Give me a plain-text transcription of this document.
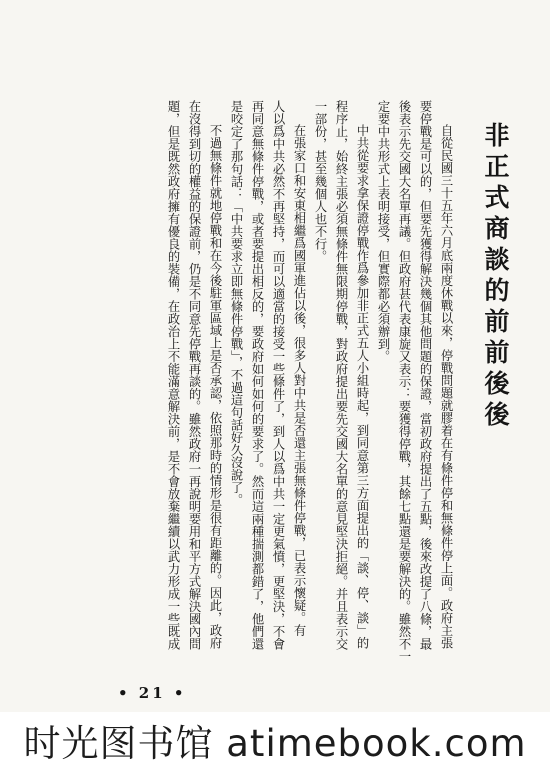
非正式商談的前前後後
自從民國三十五年六月底兩度休戰以來，停戰問題就膠着在有條件停和無條件停上面。政府主張
要停戰是可以的，但要先獲得解決幾個其他問題的保證，當初政府提出了五點，後來改提了八條，最
後表示先交國大名單再議。但政府甚代表康旋又表示：要獲得停戰，其餘七點還是要解決的。雖然不一
定要中共形式上表明接受，但實際都必須辦到。
中共從要求拿保證停戰作爲參加非正式五人小組時起，到同意第三方面提出的「談、停、談」的
程序止，始終主張必須無條件無限期停戰，對政府提出要先交國大名單的意見堅決拒絕。并且表示交
一部份，甚至幾個人也不行。
在張家口和安東相繼爲國軍進佔以後，很多人對中共是否還主張無條件停戰，已表示懷疑。有
人以爲中共必然不再堅持，而可以適當的接受一些條件了，到人以爲中共一定更氣憤，更堅決，不會
再同意無條件停戰，或者要提出相反的，要政府如何如何的要求了。然而這兩種揣測都錯了，他們還
是咬定了那句話：「中共要求立即無條件停戰」，不過這句話好久沒說了。
不過無條件就地停戰和在今後駐軍區域上是否承認，依照那時的情形是很有距離的。因此，政府
在沒得到切的權益的保證前，仍是不同意先停戰再談的。雖然政府一再說明要用和平方式解決國內問
題，但是既然政府擁有優良的裝備，在政治上不能滿意解決前，是不會放棄繼續以武力形成一些既成
• 21 •
时光图书馆 atimebook.com
